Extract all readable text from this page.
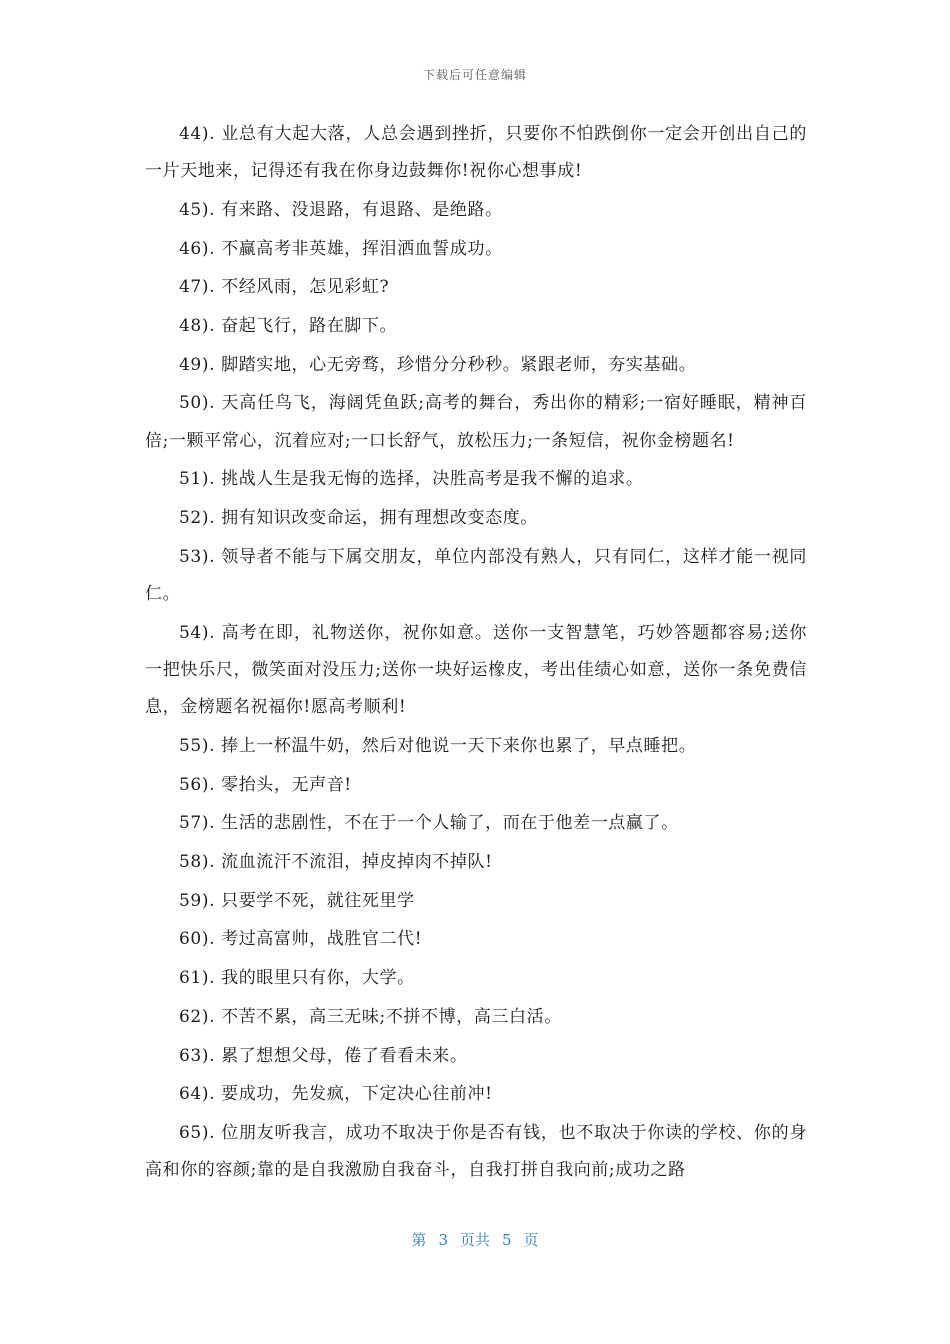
下载后可任意编辑

44). 业总有大起大落，人总会遇到挫折，只要你不怕跌倒你一定会开创出自己的一片天地来，记得还有我在你身边鼓舞你!祝你心想事成!

45). 有来路、没退路，有退路、是绝路。

46). 不赢高考非英雄，挥泪洒血誓成功。

47). 不经风雨，怎见彩虹?

48). 奋起飞行，路在脚下。

49). 脚踏实地，心无旁骛，珍惜分分秒秒。紧跟老师，夯实基础。

50). 天高任鸟飞，海阔凭鱼跃;高考的舞台，秀出你的精彩;一宿好睡眠，精神百倍;一颗平常心，沉着应对;一口长舒气，放松压力;一条短信，祝你金榜题名!

51). 挑战人生是我无悔的选择，决胜高考是我不懈的追求。

52). 拥有知识改变命运，拥有理想改变态度。

53). 领导者不能与下属交朋友，单位内部没有熟人，只有同仁，这样才能一视同仁。

54). 高考在即，礼物送你，祝你如意。送你一支智慧笔，巧妙答题都容易;送你一把快乐尺，微笑面对没压力;送你一块好运橡皮，考出佳绩心如意，送你一条免费信息，金榜题名祝福你!愿高考顺利!

55). 捧上一杯温牛奶，然后对他说一天下来你也累了，早点睡把。

56). 零抬头，无声音!

57). 生活的悲剧性，不在于一个人输了，而在于他差一点赢了。

58). 流血流汗不流泪，掉皮掉肉不掉队!

59). 只要学不死，就往死里学

60). 考过高富帅，战胜官二代!

61). 我的眼里只有你，大学。

62). 不苦不累，高三无味;不拼不博，高三白活。

63). 累了想想父母，倦了看看未来。

64). 要成功，先发疯，下定决心往前冲!

65). 位朋友听我言，成功不取决于你是否有钱，也不取决于你读的学校、你的身高和你的容颜;靠的是自我激励自我奋斗，自我打拼自我向前;成功之路

第 3 页共 5 页
